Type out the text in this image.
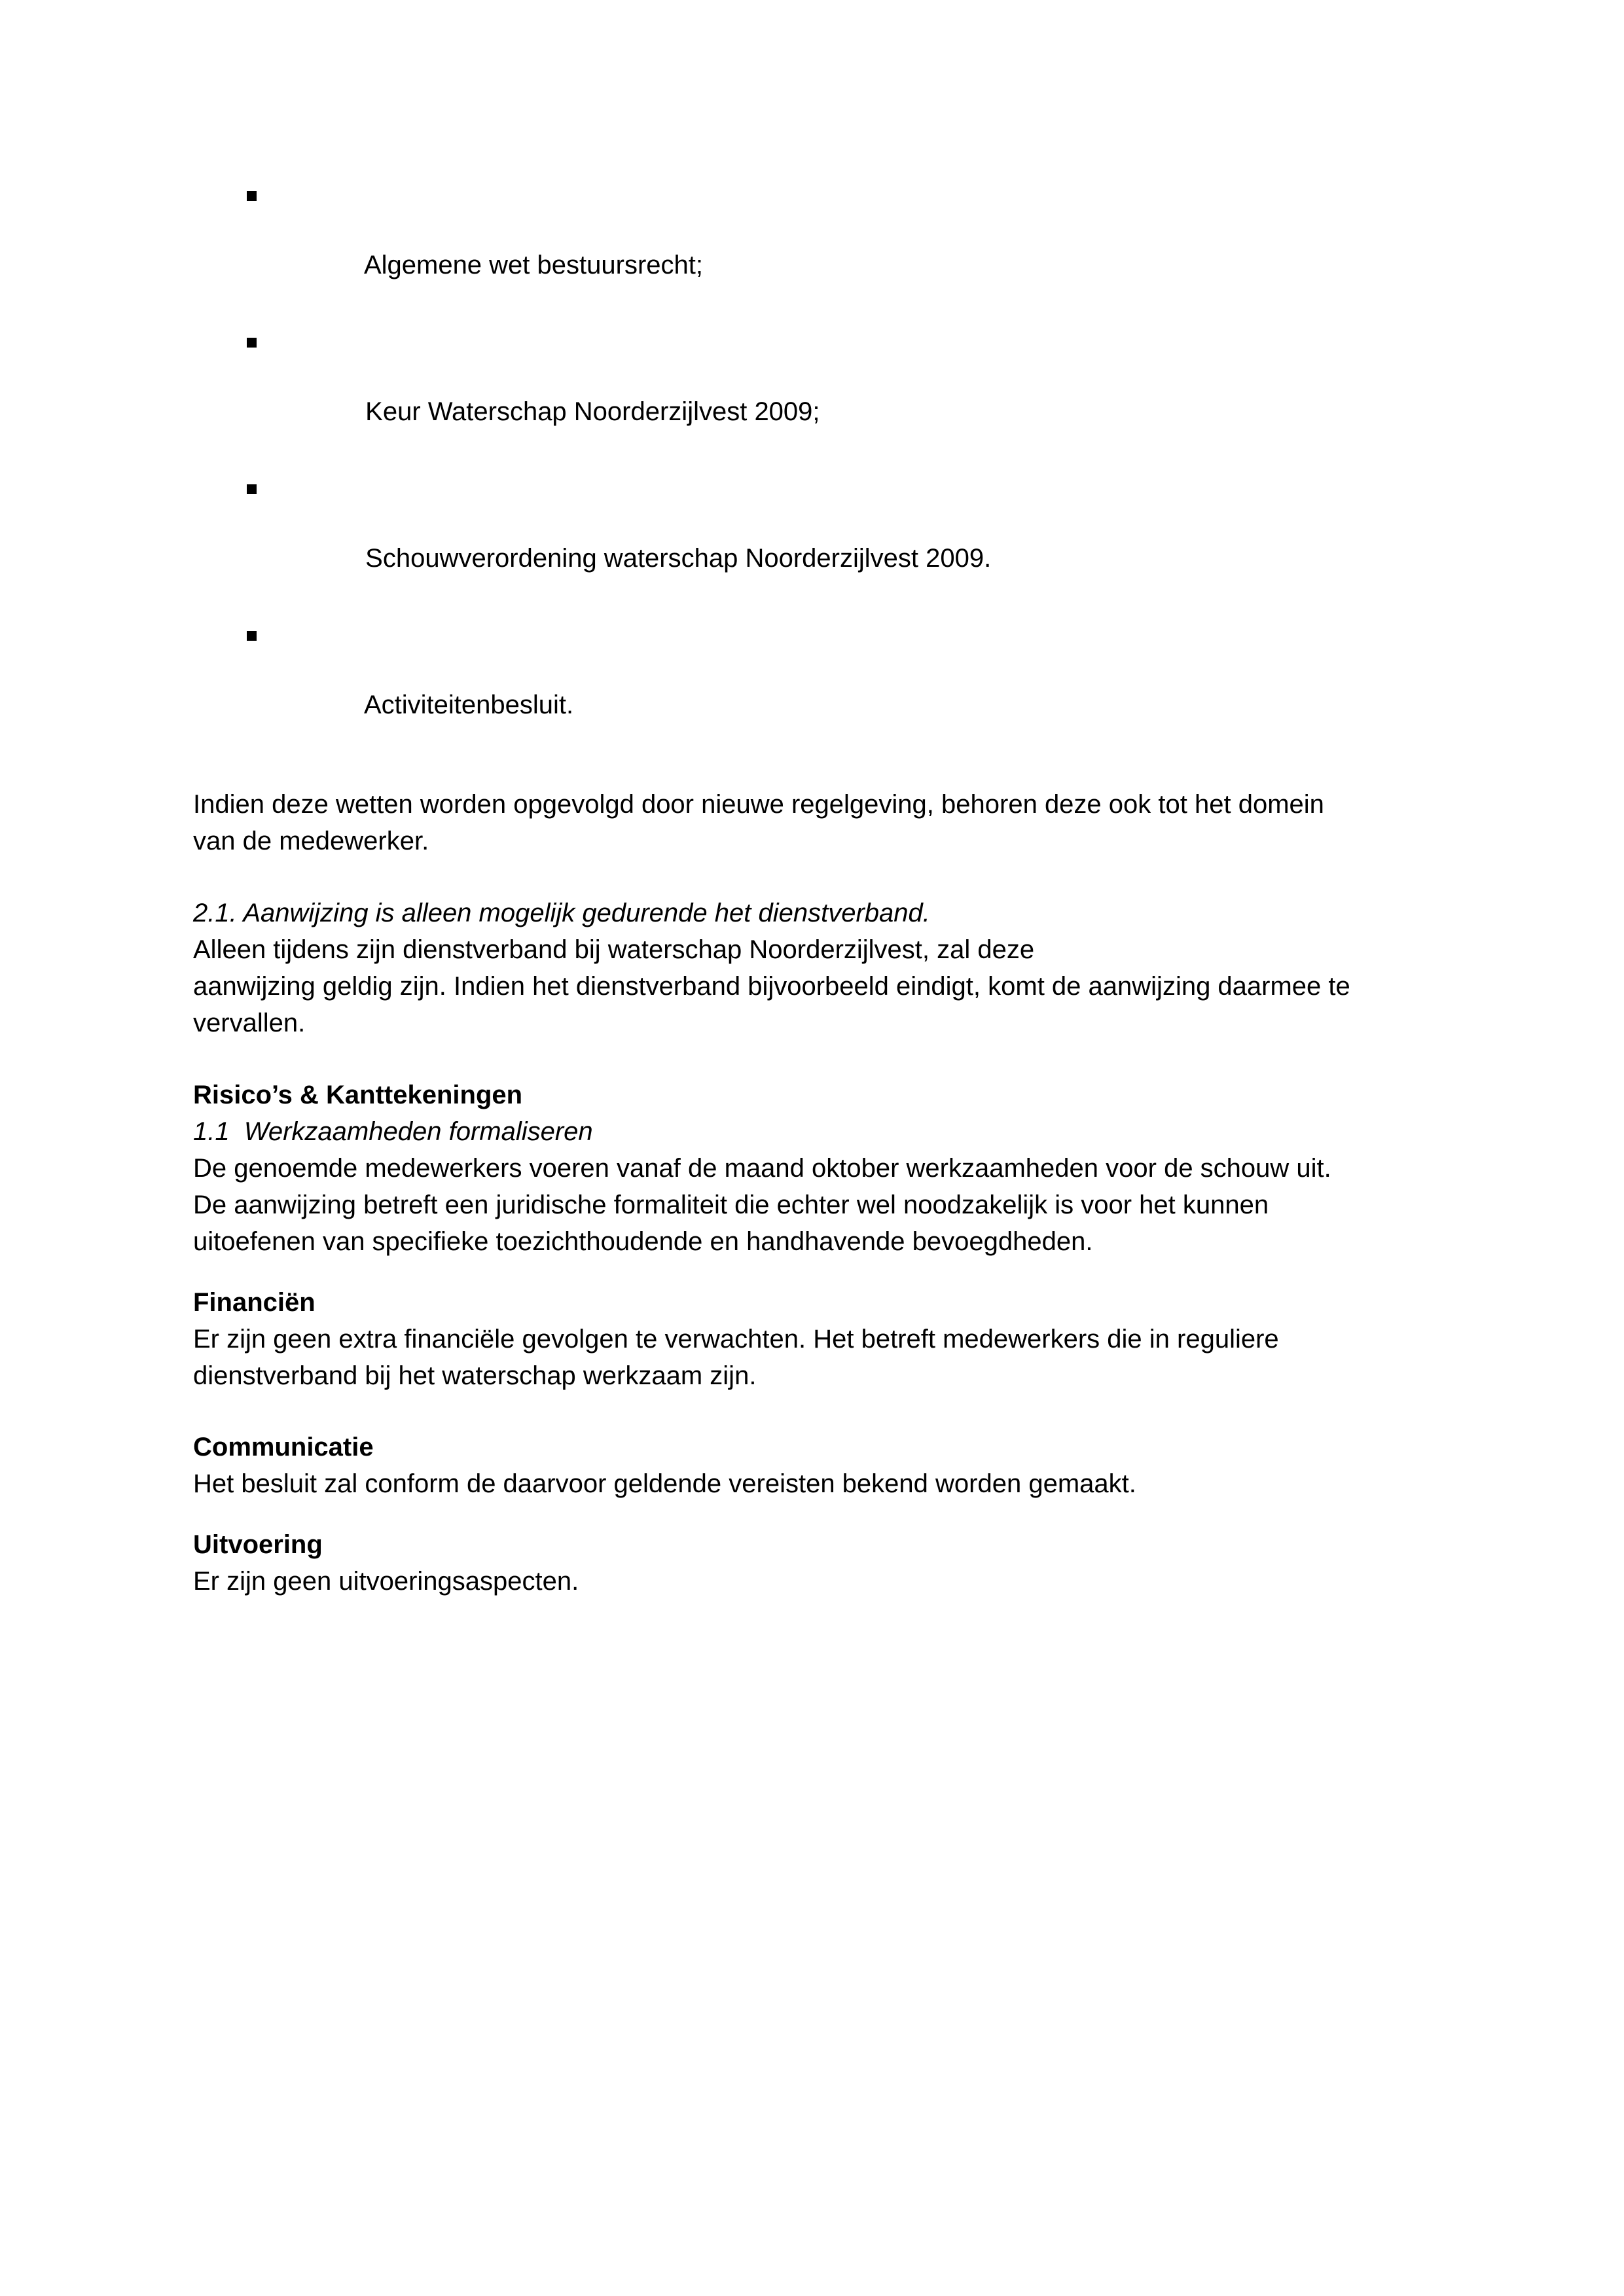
Algemene wet bestuursrecht;

Keur Waterschap Noorderzijlvest 2009;

Schouwverordening waterschap Noorderzijlvest 2009.

Activiteitenbesluit.

Indien deze wetten worden opgevolgd door nieuwe regelgeving, behoren deze ook tot het domein
van de medewerker.
2.1. Aanwijzing is alleen mogelijk gedurende het dienstverband.
Alleen tijdens zijn dienstverband bij waterschap Noorderzijlvest, zal deze
aanwijzing geldig zijn. Indien het dienstverband bijvoorbeeld eindigt, komt de aanwijzing daarmee te
vervallen.
Risico’s & Kanttekeningen
1.1  Werkzaamheden formaliseren
De genoemde medewerkers voeren vanaf de maand oktober werkzaamheden voor de schouw uit.
De aanwijzing betreft een juridische formaliteit die echter wel noodzakelijk is voor het kunnen
uitoefenen van specifieke toezichthoudende en handhavende bevoegdheden.
Financiën
Er zijn geen extra financiële gevolgen te verwachten. Het betreft medewerkers die in reguliere
dienstverband bij het waterschap werkzaam zijn.
Communicatie
Het besluit zal conform de daarvoor geldende vereisten bekend worden gemaakt.
Uitvoering
Er zijn geen uitvoeringsaspecten.
